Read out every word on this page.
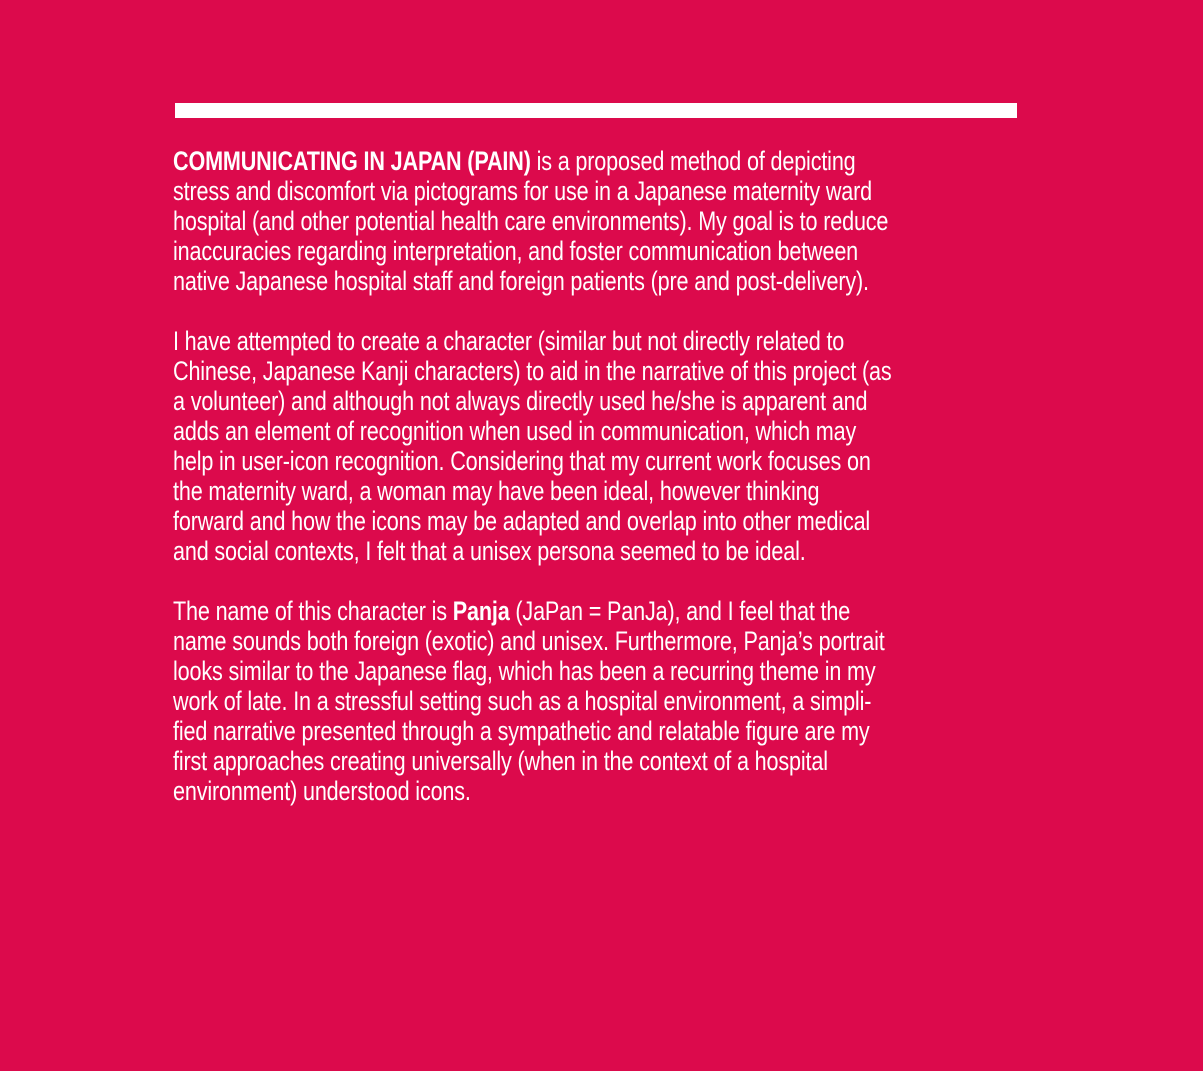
COMMUNICATING IN JAPAN (PAIN) is a proposed method of depicting
stress and discomfort via pictograms for use in a Japanese maternity ward
hospital (and other potential health care environments). My goal is to reduce
inaccuracies regarding interpretation, and foster communication between
native Japanese hospital staff and foreign patients (pre and post-delivery).

I have attempted to create a character (similar but not directly related to
Chinese, Japanese Kanji characters) to aid in the narrative of this project (as
a volunteer) and although not always directly used he/she is apparent and
adds an element of recognition when used in communication, which may
help in user-icon recognition. Considering that my current work focuses on
the maternity ward, a woman may have been ideal, however thinking
forward and how the icons may be adapted and overlap into other medical
and social contexts, I felt that a unisex persona seemed to be ideal.

The name of this character is Panja (JaPan = PanJa), and I feel that the
name sounds both foreign (exotic) and unisex. Furthermore, Panja’s portrait
looks similar to the Japanese flag, which has been a recurring theme in my
work of late. In a stressful setting such as a hospital environment, a simpli-
fied narrative presented through a sympathetic and relatable figure are my
first approaches creating universally (when in the context of a hospital
environment) understood icons.
